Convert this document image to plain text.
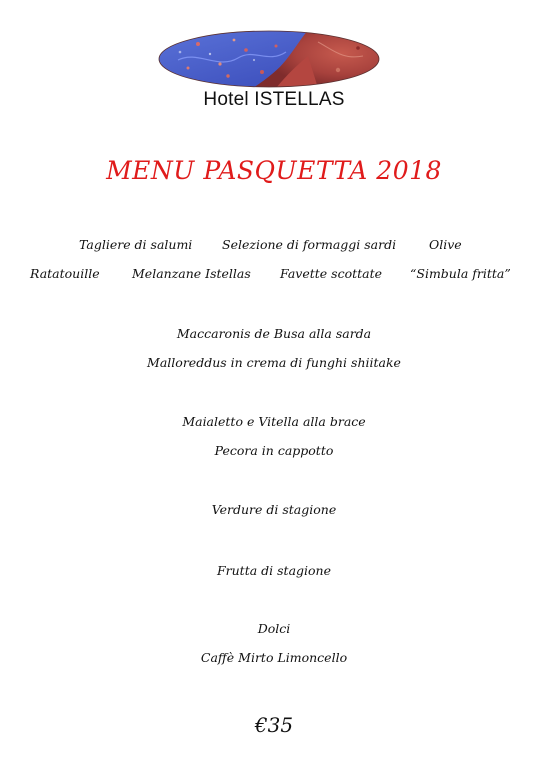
Hotel ISTELLAS
MENU PASQUETTA 2018
Tagliere di salumi Selezione di formaggi sardi	Olive
Ratatouille	Melanzane Istellas Favette scottate “Simbula fritta”
Maccaronis de Busa alla sarda
Malloreddus in crema di funghi shiitake
Maialetto e Vitella alla brace
Pecora in cappotto
Verdure di stagione
Frutta di stagione
Dolci
Caffè Mirto Limoncello
€35
